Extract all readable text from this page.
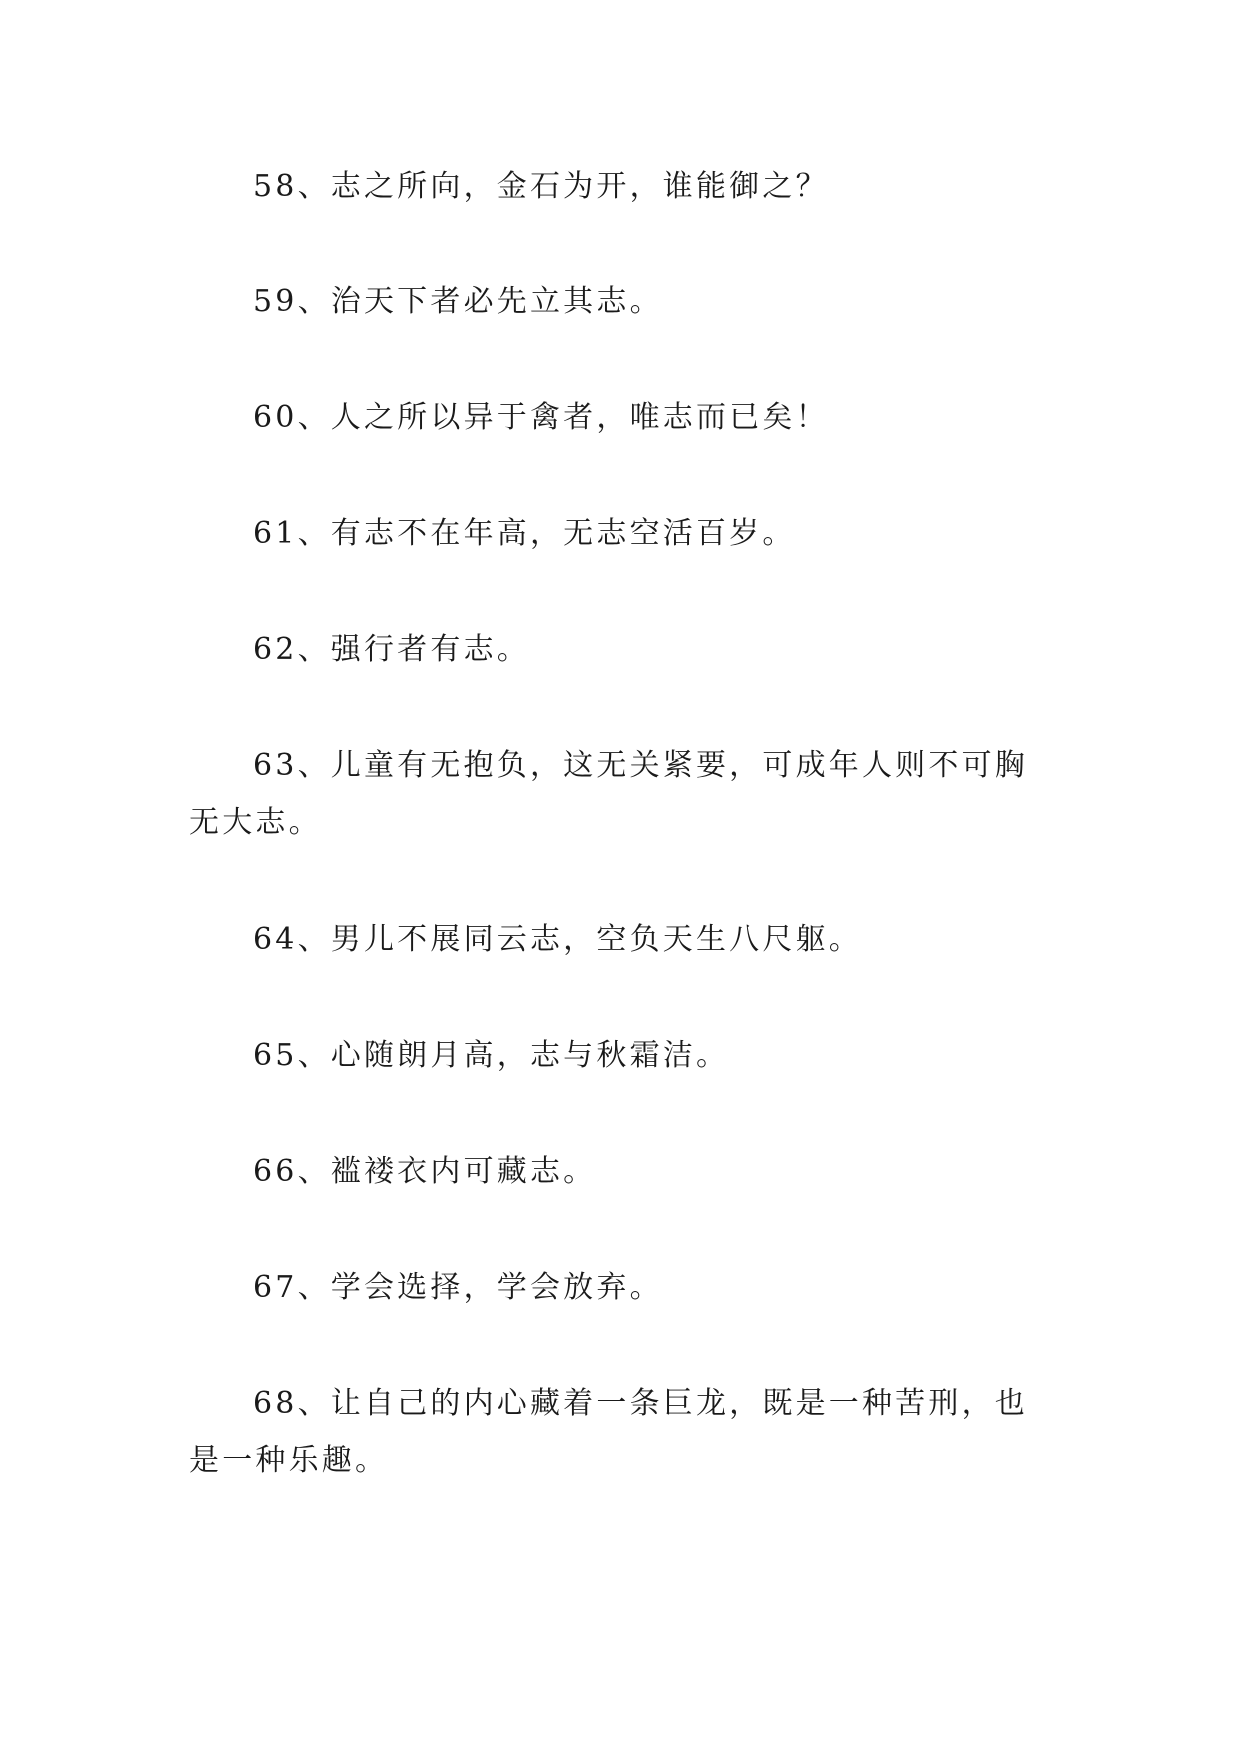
58、志之所向，金石为开，谁能御之？

59、治天下者必先立其志。

60、人之所以异于禽者，唯志而已矣！

61、有志不在年高，无志空活百岁。

62、强行者有志。

63、儿童有无抱负，这无关紧要，可成年人则不可胸无大志。

64、男儿不展同云志，空负天生八尺躯。

65、心随朗月高，志与秋霜洁。

66、褴褛衣内可藏志。

67、学会选择，学会放弃。

68、让自己的内心藏着一条巨龙，既是一种苦刑，也是一种乐趣。
